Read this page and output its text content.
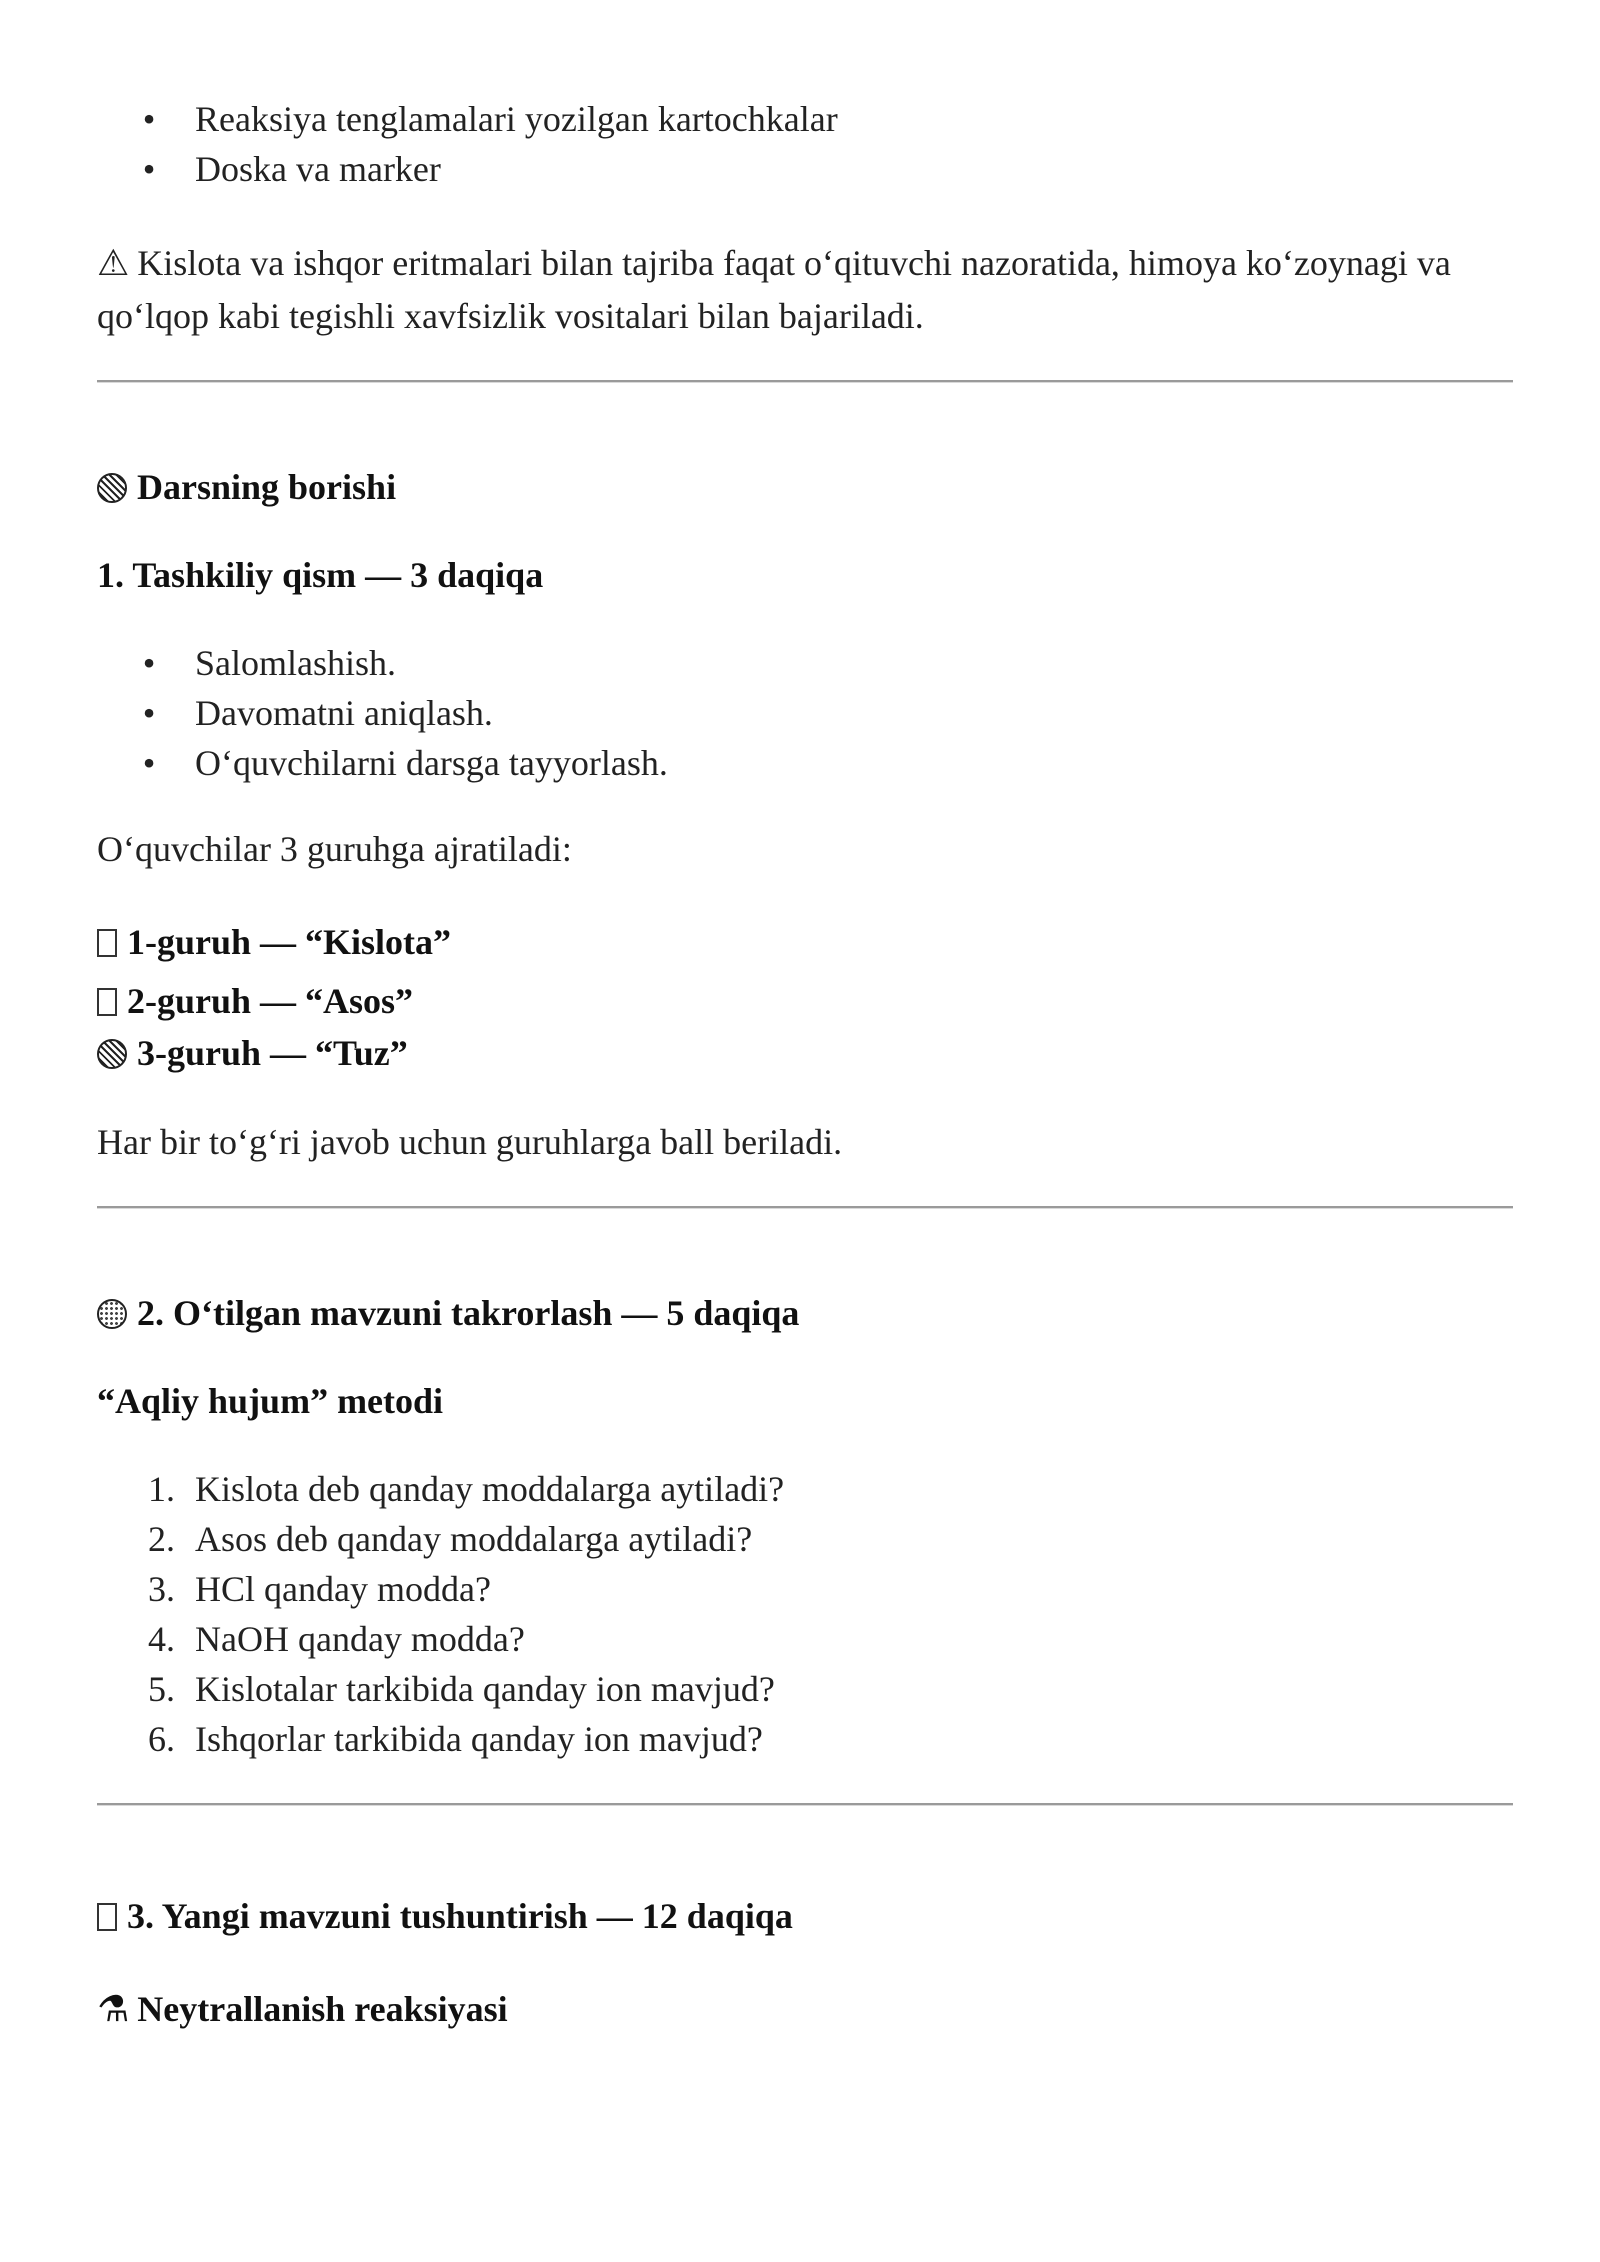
• Reaksiya tenglamalari yozilgan kartochkalar
• Doska va marker

⚠ Kislota va ishqor eritmalari bilan tajriba faqat o‘qituvchi nazoratida, himoya ko‘zoynagi va qo‘lqop kabi tegishli xavfsizlik vositalari bilan bajariladi.

Darsning borishi

1. Tashkiliy qism — 3 daqiqa

• Salomlashish.
• Davomatni aniqlash.
• O‘quvchilarni darsga tayyorlash.

O‘quvchilar 3 guruhga ajratiladi:

1-guruh — “Kislota”

2-guruh — “Asos”

3-guruh — “Tuz”

Har bir to‘g‘ri javob uchun guruhlarga ball beriladi.

2. O‘tilgan mavzuni takrorlash — 5 daqiqa

“Aqliy hujum” metodi

1. Kislota deb qanday moddalarga aytiladi?
2. Asos deb qanday moddalarga aytiladi?
3. HCl qanday modda?
4. NaOH qanday modda?
5. Kislotalar tarkibida qanday ion mavjud?
6. Ishqorlar tarkibida qanday ion mavjud?

3. Yangi mavzuni tushuntirish — 12 daqiqa

⚗ Neytrallanish reaksiyasi
